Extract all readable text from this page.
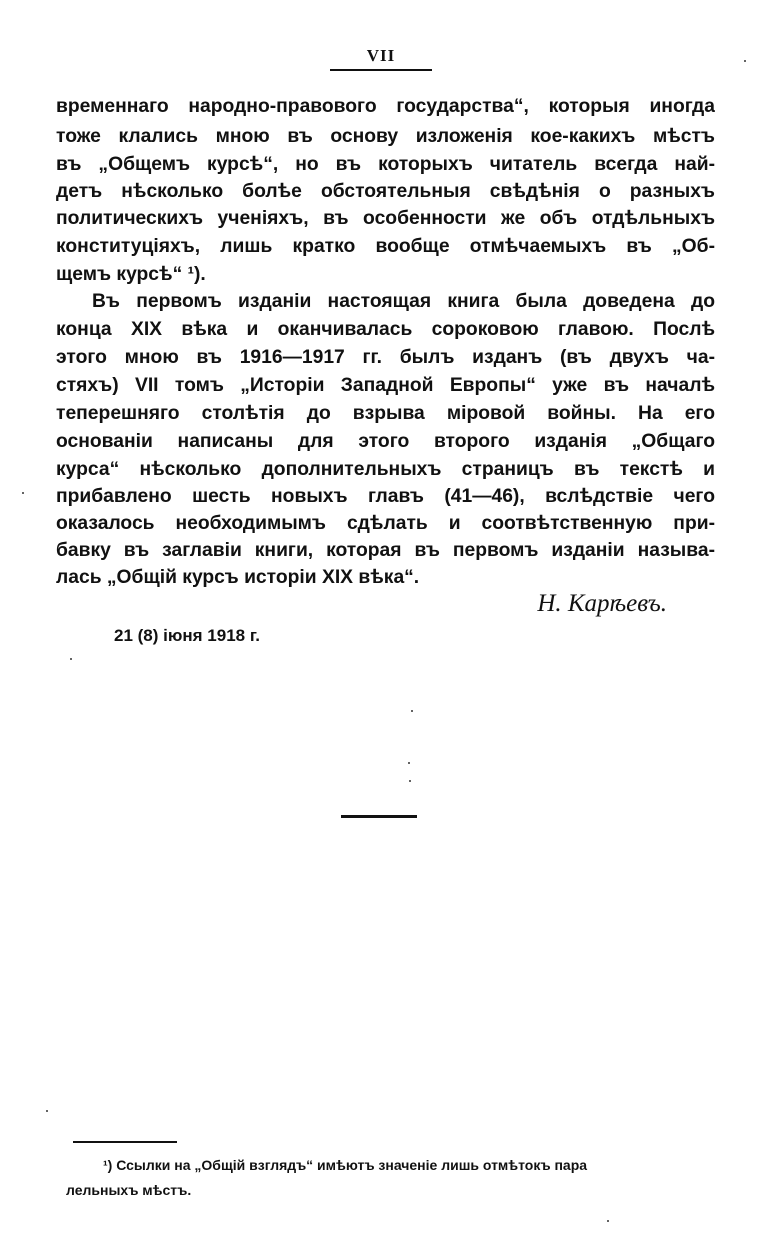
VII
временнаго народно-правового государства“, которыя иногда
тоже клались мною въ основу изложенія кое-какихъ мѣстъ
въ „Общемъ курсѣ“, но въ которыхъ читатель всегда най-
детъ нѣсколько болѣе обстоятельныя свѣдѣнія о разныхъ
политическихъ ученіяхъ, въ особенности же объ отдѣльныхъ
конституціяхъ, лишь кратко вообще отмѣчаемыхъ въ „Об-
щемъ курсѣ“ ¹).
Въ первомъ изданіи настоящая книга была доведена до
конца XIX вѣка и оканчивалась сороковою главою. Послѣ
этого мною въ 1916—1917 гг. былъ изданъ (въ двухъ ча-
стяхъ) VII томъ „Исторіи Западной Европы“ уже въ началѣ
теперешняго столѣтія до взрыва міровой войны. На его
основаніи написаны для этого второго изданія „Общаго
курса“ нѣсколько дополнительныхъ страницъ въ текстѣ и
прибавлено шесть новыхъ главъ (41—46), вслѣдствіе чего
оказалось необходимымъ сдѣлать и соотвѣтственную при-
бавку въ заглавіи книги, которая въ первомъ изданіи называ-
лась „Общій курсъ исторіи XIX вѣка“.
Н. Карѣевъ.
21 (8) іюня 1918 г.
¹) Ссылки на „Общій взглядъ“ имѣютъ значеніе лишь отмѣтокъ пара
лельныхъ мѣстъ.
